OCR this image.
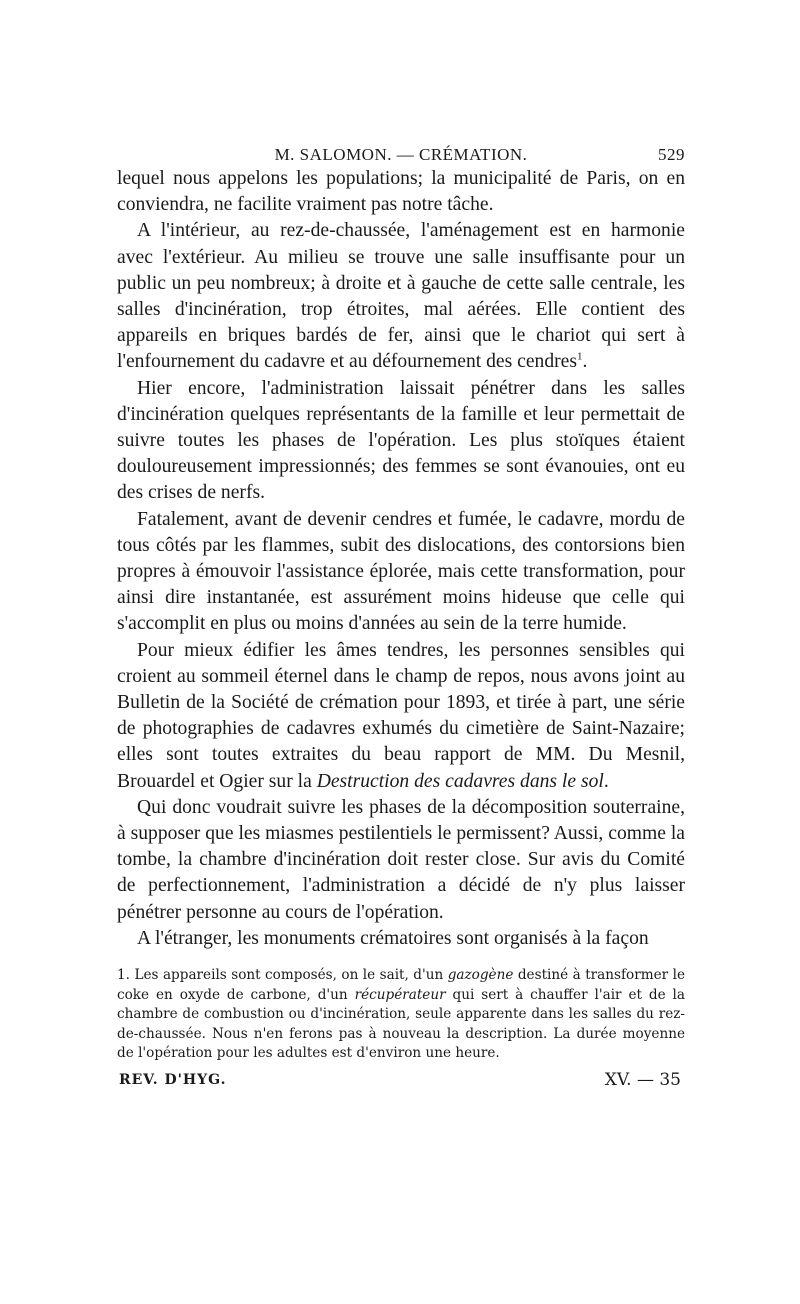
M. SALOMON. — CRÉMATION.	529

lequel nous appelons les populations; la municipalité de Paris, on en conviendra, ne facilite vraiment pas notre tâche.

A l'intérieur, au rez-de-chaussée, l'aménagement est en harmonie avec l'extérieur. Au milieu se trouve une salle insuffisante pour un public un peu nombreux; à droite et à gauche de cette salle centrale, les salles d'incinération, trop étroites, mal aérées. Elle contient des appareils en briques bardés de fer, ainsi que le chariot qui sert à l'enfournement du cadavre et au défournement des cendres$^1$.

Hier encore, l'administration laissait pénétrer dans les salles d'incinération quelques représentants de la famille et leur permettait de suivre toutes les phases de l'opération. Les plus stoïques étaient douloureusement impressionnés; des femmes se sont évanouies, ont eu des crises de nerfs.

Fatalement, avant de devenir cendres et fumée, le cadavre, mordu de tous côtés par les flammes, subit des dislocations, des contorsions bien propres à émouvoir l'assistance éplorée, mais cette transformation, pour ainsi dire instantanée, est assurément moins hideuse que celle qui s'accomplit en plus ou moins d'années au sein de la terre humide.

Pour mieux édifier les âmes tendres, les personnes sensibles qui croient au sommeil éternel dans le champ de repos, nous avons joint au Bulletin de la Société de crémation pour 1893, et tirée à part, une série de photographies de cadavres exhumés du cimetière de Saint-Nazaire; elles sont toutes extraites du beau rapport de MM. Du Mesnil, Brouardel et Ogier sur la Destruction des cadavres dans le sol.

Qui donc voudrait suivre les phases de la décomposition souterraine, à supposer que les miasmes pestilentiels le permissent? Aussi, comme la tombe, la chambre d'incinération doit rester close. Sur avis du Comité de perfectionnement, l'administration a décidé de n'y plus laisser pénétrer personne au cours de l'opération.

A l'étranger, les monuments crématoires sont organisés à la façon

1. Les appareils sont composés, on le sait, d'un gazogène destiné à transformer le coke en oxyde de carbone, d'un récupérateur qui sert à chauffer l'air et de la chambre de combustion ou d'incinération, seule apparente dans les salles du rez-de-chaussée. Nous n'en ferons pas à nouveau la description. La durée moyenne de l'opération pour les adultes est d'environ une heure.

REV. D'HYG.	XV. — 35
